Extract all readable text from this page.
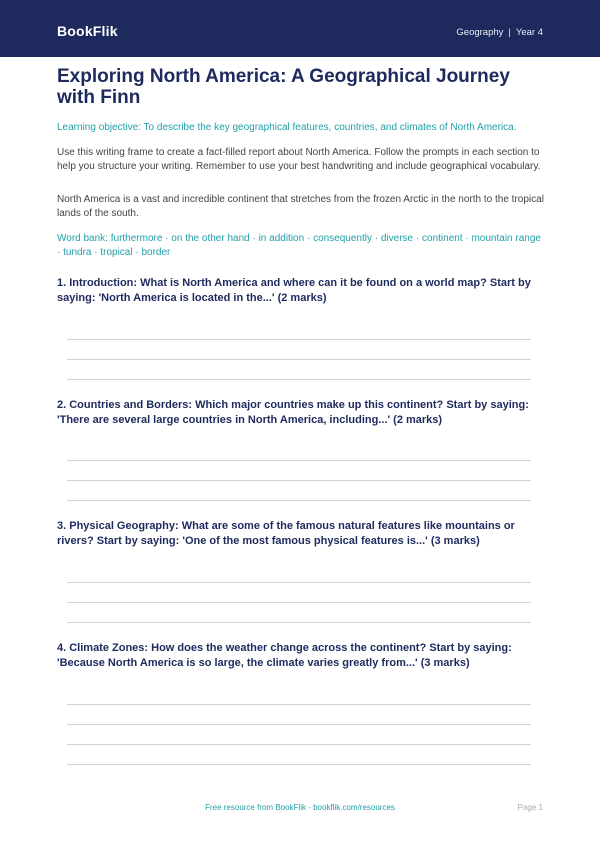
BookFlik	Geography | Year 4
Exploring North America: A Geographical Journey with Finn
Learning objective: To describe the key geographical features, countries, and climates of North America.
Use this writing frame to create a fact-filled report about North America. Follow the prompts in each section to help you structure your writing. Remember to use your best handwriting and include geographical vocabulary.
North America is a vast and incredible continent that stretches from the frozen Arctic in the north to the tropical lands of the south.
Word bank: furthermore · on the other hand · in addition · consequently · diverse · continent · mountain range · tundra · tropical · border
1. Introduction: What is North America and where can it be found on a world map? Start by saying: 'North America is located in the...' (2 marks)
2. Countries and Borders: Which major countries make up this continent? Start by saying: 'There are several large countries in North America, including...' (2 marks)
3. Physical Geography: What are some of the famous natural features like mountains or rivers? Start by saying: 'One of the most famous physical features is...' (3 marks)
4. Climate Zones: How does the weather change across the continent? Start by saying: 'Because North America is so large, the climate varies greatly from...' (3 marks)
Free resource from BookFlik · bookflik.com/resources	Page 1
